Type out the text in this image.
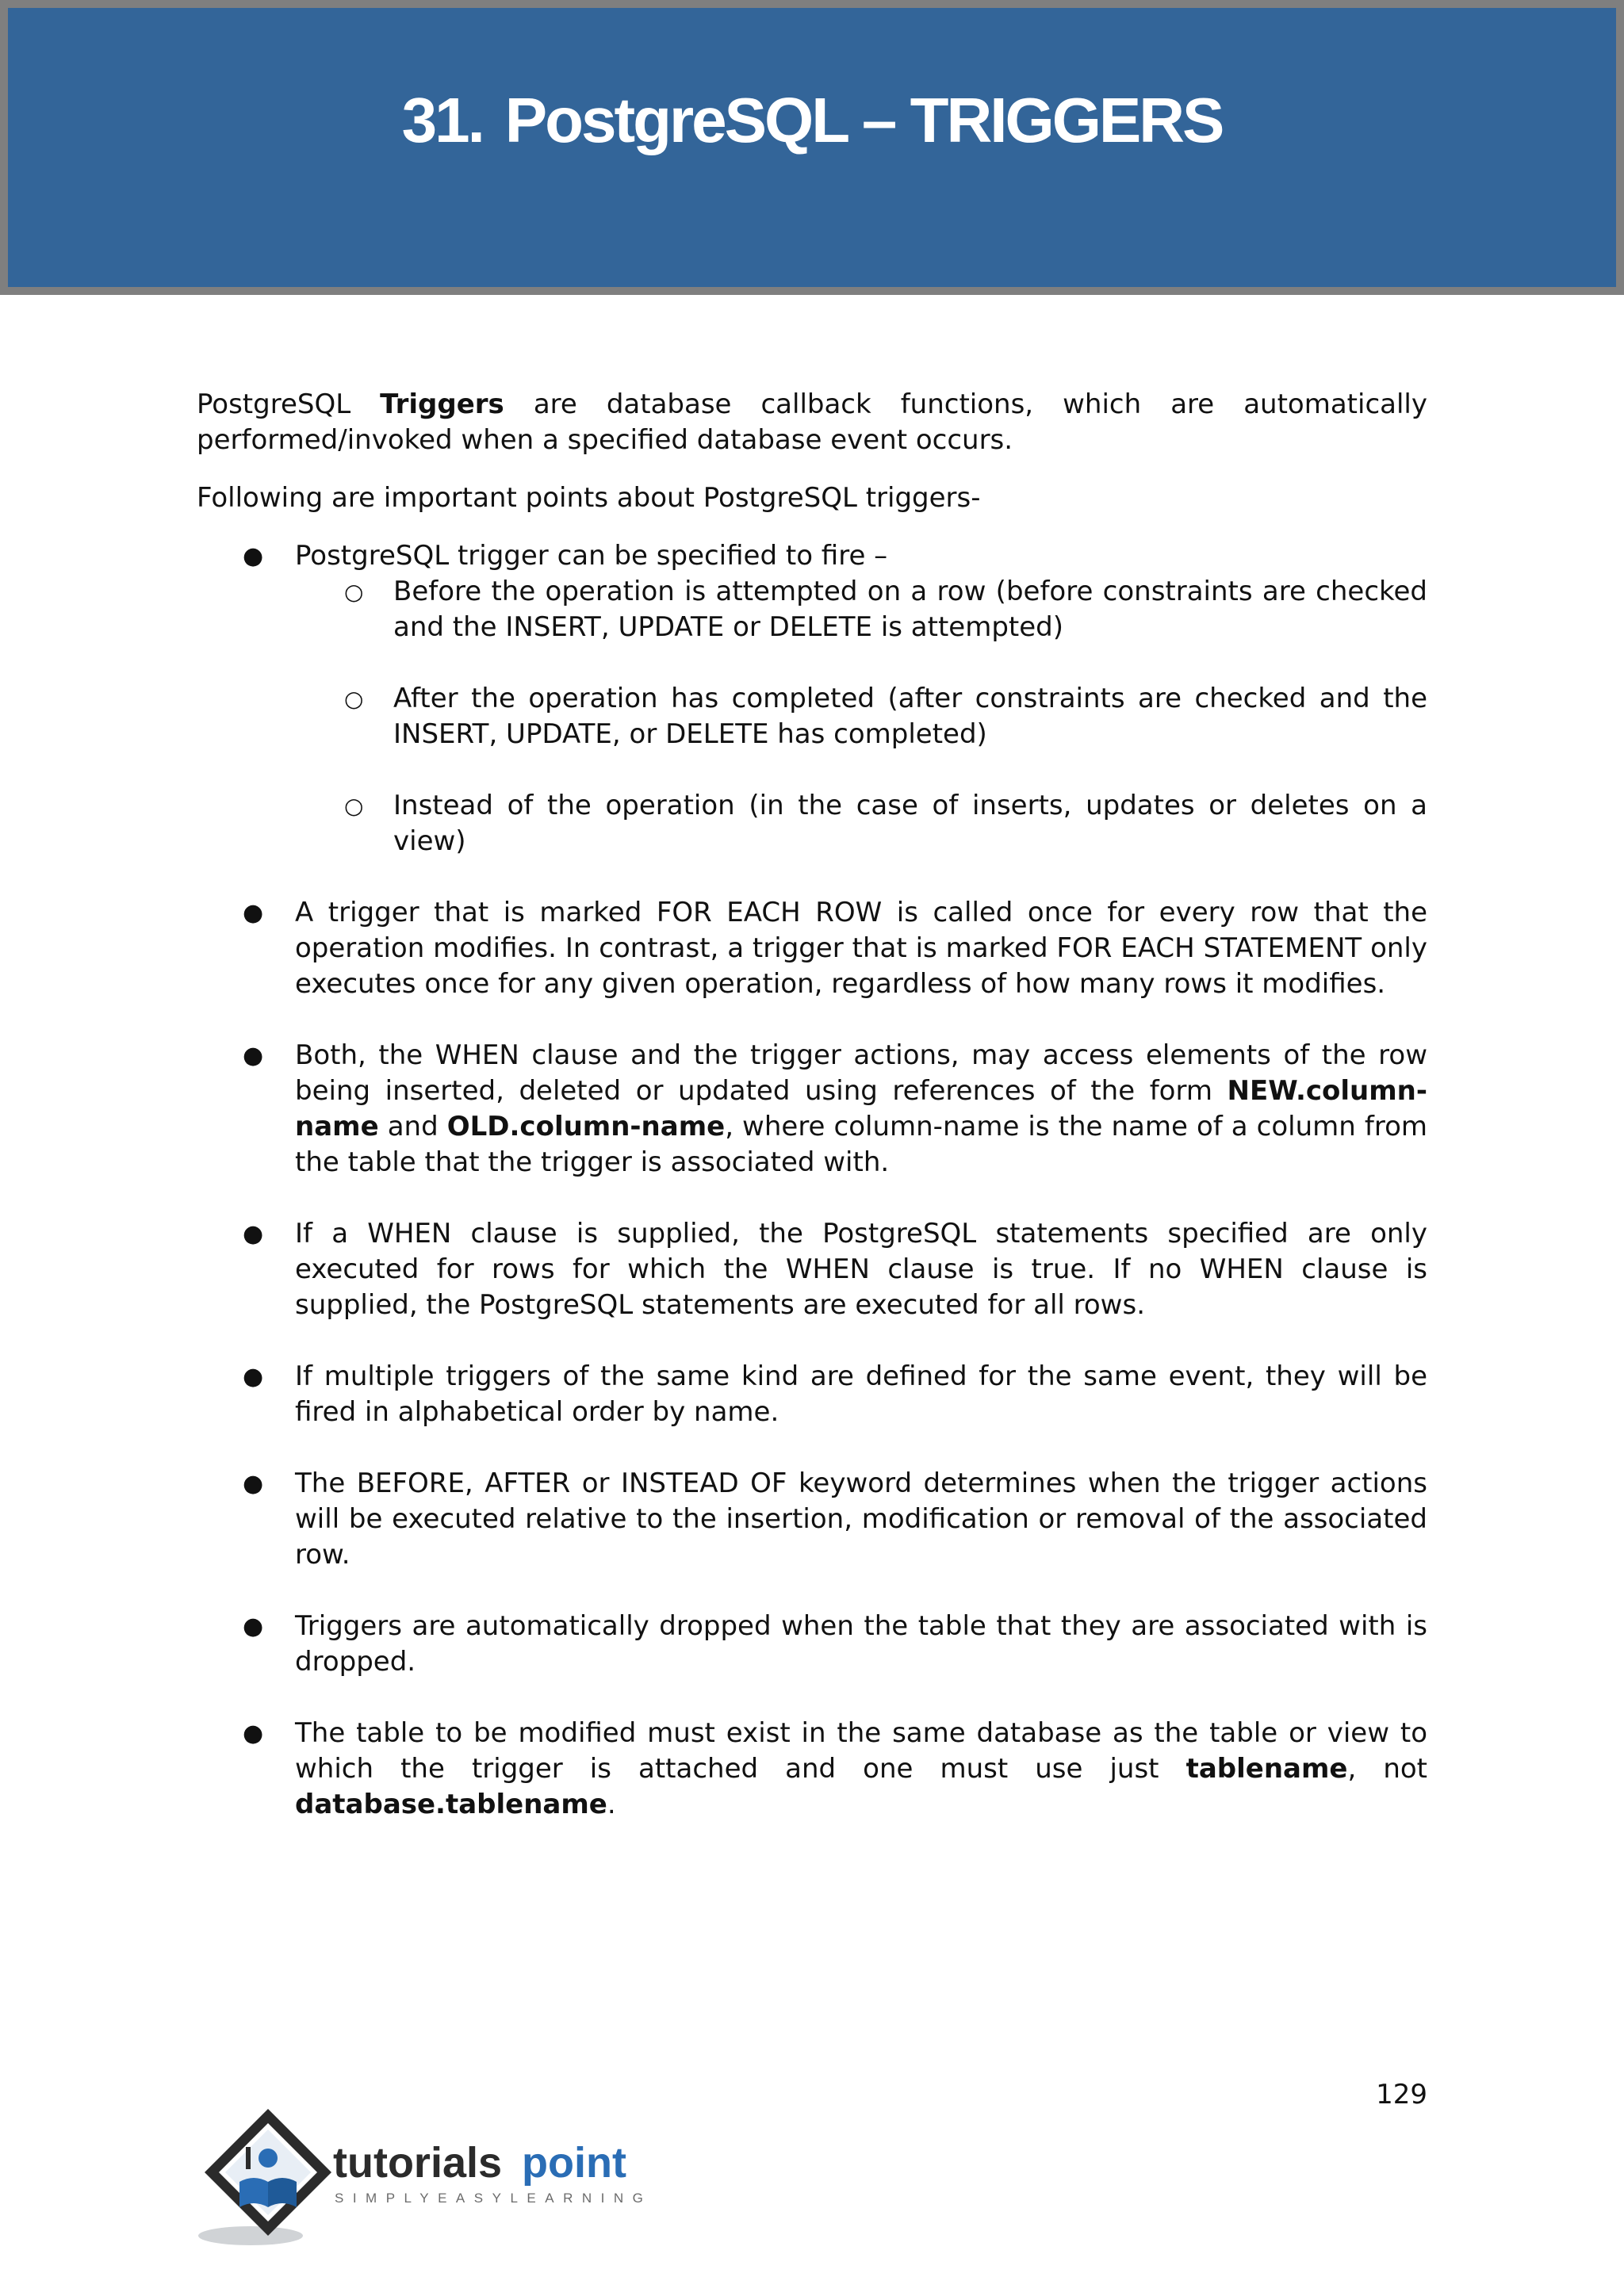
31. PostgreSQL – TRIGGERS

PostgreSQL Triggers are database callback functions, which are automatically performed/invoked when a specified database event occurs.

Following are important points about PostgreSQL triggers-

● PostgreSQL trigger can be specified to fire –
○ Before the operation is attempted on a row (before constraints are checked and the INSERT, UPDATE or DELETE is attempted)
○ After the operation has completed (after constraints are checked and the INSERT, UPDATE, or DELETE has completed)
○ Instead of the operation (in the case of inserts, updates or deletes on a view)
● A trigger that is marked FOR EACH ROW is called once for every row that the operation modifies. In contrast, a trigger that is marked FOR EACH STATEMENT only executes once for any given operation, regardless of how many rows it modifies.
● Both, the WHEN clause and the trigger actions, may access elements of the row being inserted, deleted or updated using references of the form NEW.column-name and OLD.column-name, where column-name is the name of a column from the table that the trigger is associated with.
● If a WHEN clause is supplied, the PostgreSQL statements specified are only executed for rows for which the WHEN clause is true. If no WHEN clause is supplied, the PostgreSQL statements are executed for all rows.
● If multiple triggers of the same kind are defined for the same event, they will be fired in alphabetical order by name.
● The BEFORE, AFTER or INSTEAD OF keyword determines when the trigger actions will be executed relative to the insertion, modification or removal of the associated row.
● Triggers are automatically dropped when the table that they are associated with is dropped.
● The table to be modified must exist in the same database as the table or view to which the trigger is attached and one must use just tablename, not database.tablename.
129
tutorials point
SIMPLYEASYLEARNING
